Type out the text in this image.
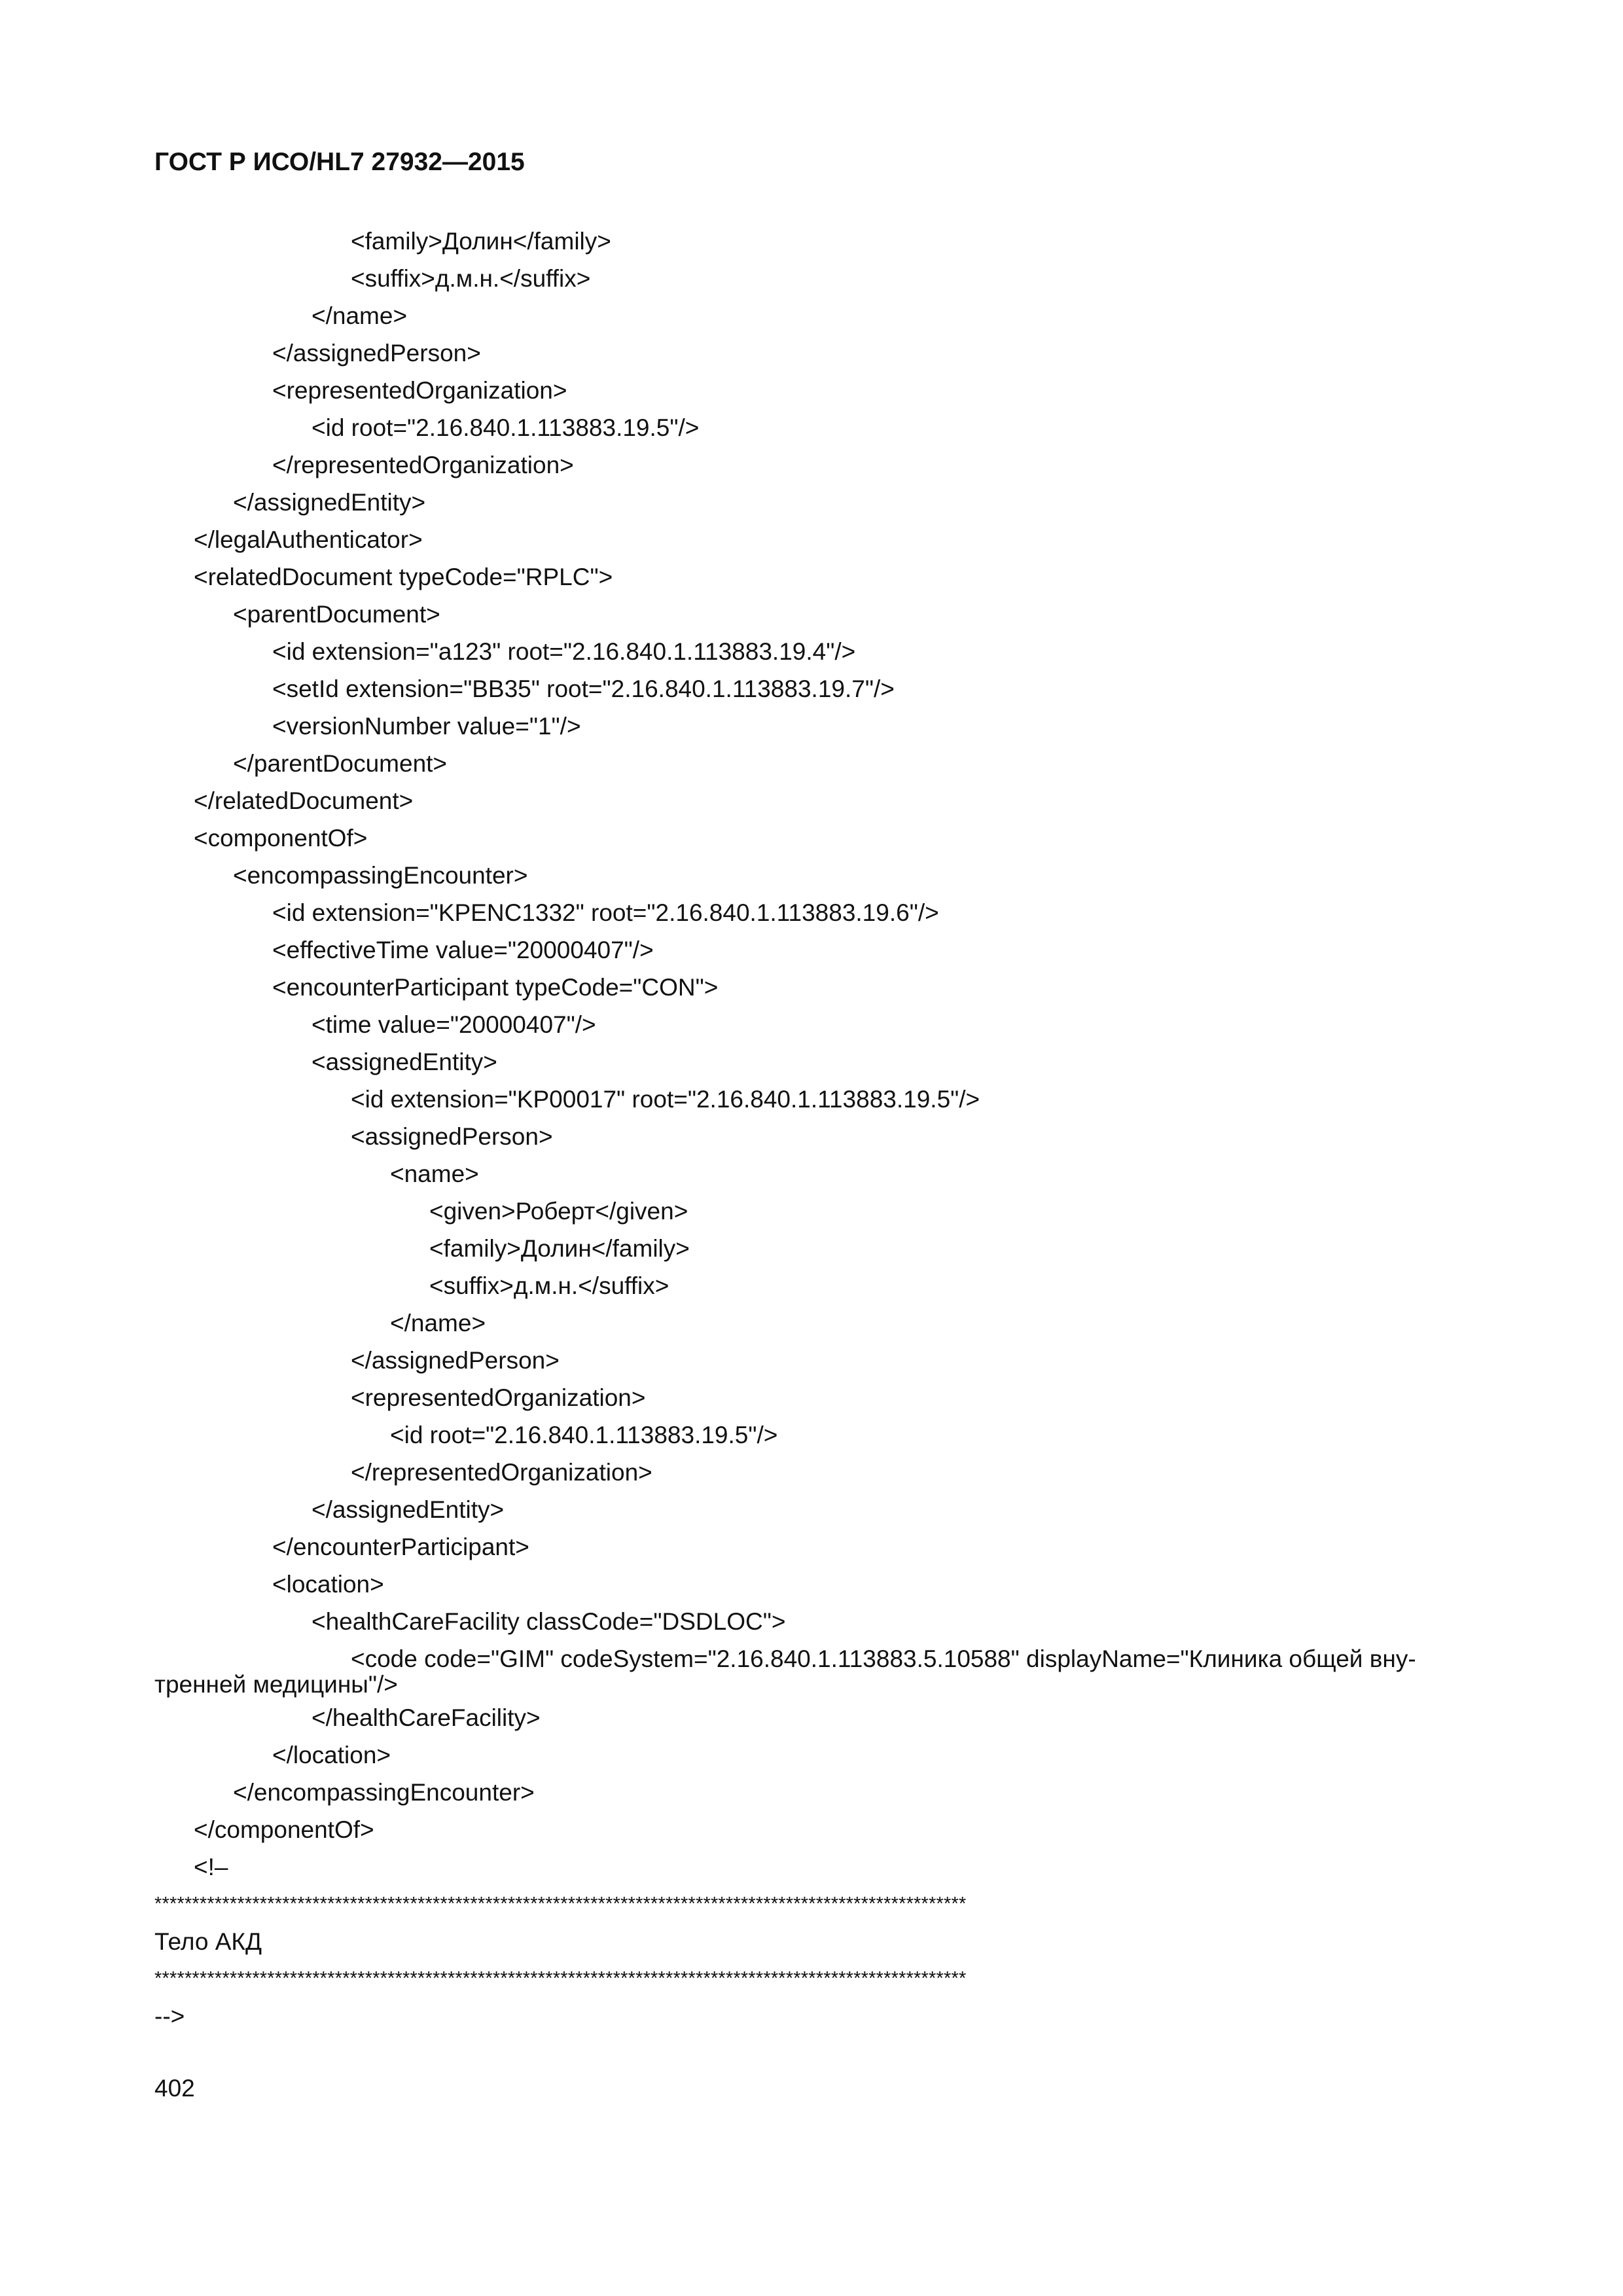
ГОСТ Р ИСО/HL7 27932—2015
<family>Долин</family>
<suffix>д.м.н.</suffix>
</name>
</assignedPerson>
<representedOrganization>
<id root="2.16.840.1.113883.19.5"/>
</representedOrganization>
</assignedEntity>
</legalAuthenticator>
<relatedDocument typeCode="RPLC">
<parentDocument>
<id extension="a123" root="2.16.840.1.113883.19.4"/>
<setId extension="BB35" root="2.16.840.1.113883.19.7"/>
<versionNumber value="1"/>
</parentDocument>
</relatedDocument>
<componentOf>
<encompassingEncounter>
<id extension="KPENC1332" root="2.16.840.1.113883.19.6"/>
<effectiveTime value="20000407"/>
<encounterParticipant typeCode="CON">
<time value="20000407"/>
<assignedEntity>
<id extension="KP00017" root="2.16.840.1.113883.19.5"/>
<assignedPerson>
<name>
<given>Роберт</given>
<family>Долин</family>
<suffix>д.м.н.</suffix>
</name>
</assignedPerson>
<representedOrganization>
<id root="2.16.840.1.113883.19.5"/>
</representedOrganization>
</assignedEntity>
</encounterParticipant>
<location>
<healthCareFacility classCode="DSDLOC">
<code code="GIM" codeSystem="2.16.840.1.113883.5.10588" displayName="Клиника общей вну-
тренней медицины"/>
</healthCareFacility>
</location>
</encompassingEncounter>
</componentOf>
<!–
************************************************************************************************************
Тело АКД
************************************************************************************************************
-->
402
